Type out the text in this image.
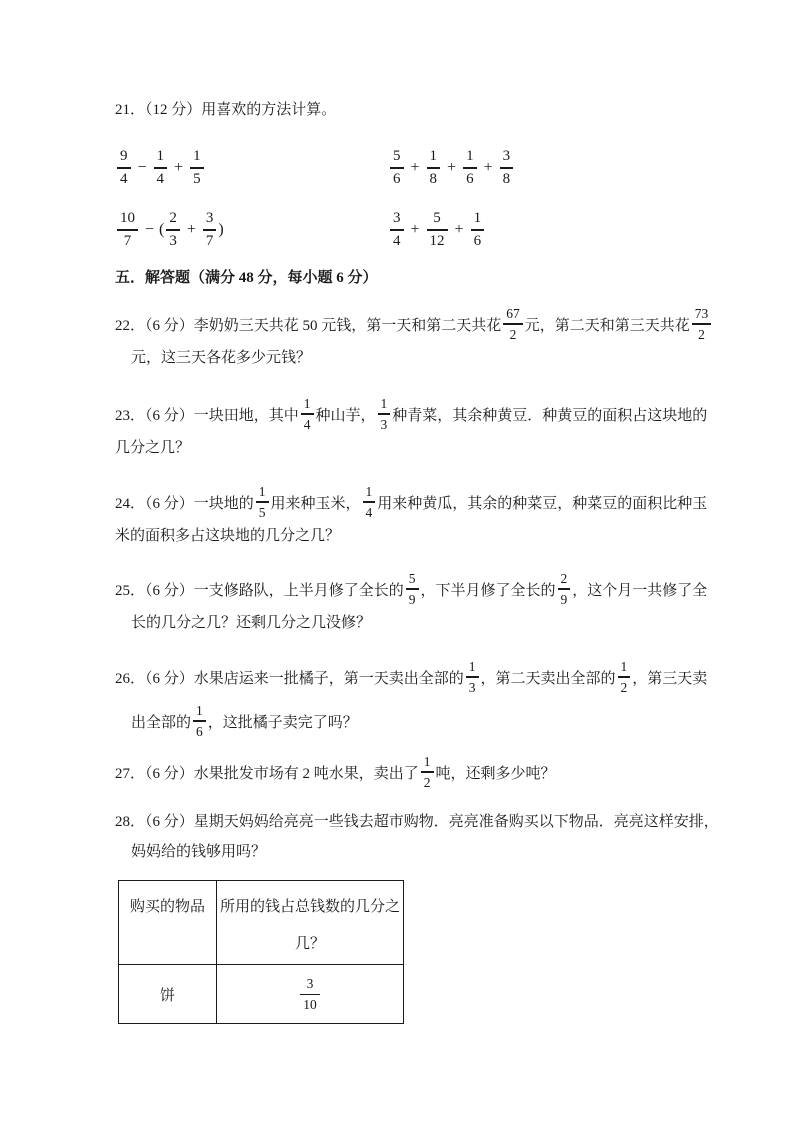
21．（12 分）用喜欢的方法计算。
$\frac{9}{4} - \frac{1}{4} + \frac{1}{5}$	$\frac{5}{6} + \frac{1}{8} + \frac{1}{6} + \frac{3}{8}$
$\frac{10}{7}$ − ( $\frac{2}{3} + \frac{3}{7}$ )	$\frac{3}{4} + \frac{5}{12} + \frac{1}{6}$
五．解答题（满分 48 分，每小题 6 分）
22．（6 分）李奶奶三天共花 50 元钱，第一天和第二天共花 $\frac{67}{2}$ 元，第二天和第三天共花 $\frac{73}{2}$
元，这三天各花多少元钱？
23．（6 分）一块田地，其中 $\frac{1}{4}$ 种山芋， $\frac{1}{3}$ 种青菜，其余种黄豆．种黄豆的面积占这块地的
几分之几？
24．（6 分）一块地的 $\frac{1}{5}$ 用来种玉米， $\frac{1}{4}$ 用来种黄瓜，其余的种菜豆，种菜豆的面积比种玉
米的面积多占这块地的几分之几？
25．（6 分）一支修路队，上半月修了全长的 $\frac{5}{9}$ ，下半月修了全长的 $\frac{2}{9}$ ，这个月一共修了全
长的几分之几？还剩几分之几没修？
26．（6 分）水果店运来一批橘子，第一天卖出全部的 $\frac{1}{3}$ ，第二天卖出全部的 $\frac{1}{2}$ ，第三天卖
出全部的 $\frac{1}{6}$ ，这批橘子卖完了吗？
27．（6 分）水果批发市场有 2 吨水果，卖出了 $\frac{1}{2}$ 吨，还剩多少吨？
28．（6 分）星期天妈妈给亮亮一些钱去超市购物．亮亮准备购买以下物品．亮亮这样安排，
妈妈给的钱够用吗？
购买的物品	所用的钱占总钱数的几分之
几？

饼	$\frac{3}{10}$
